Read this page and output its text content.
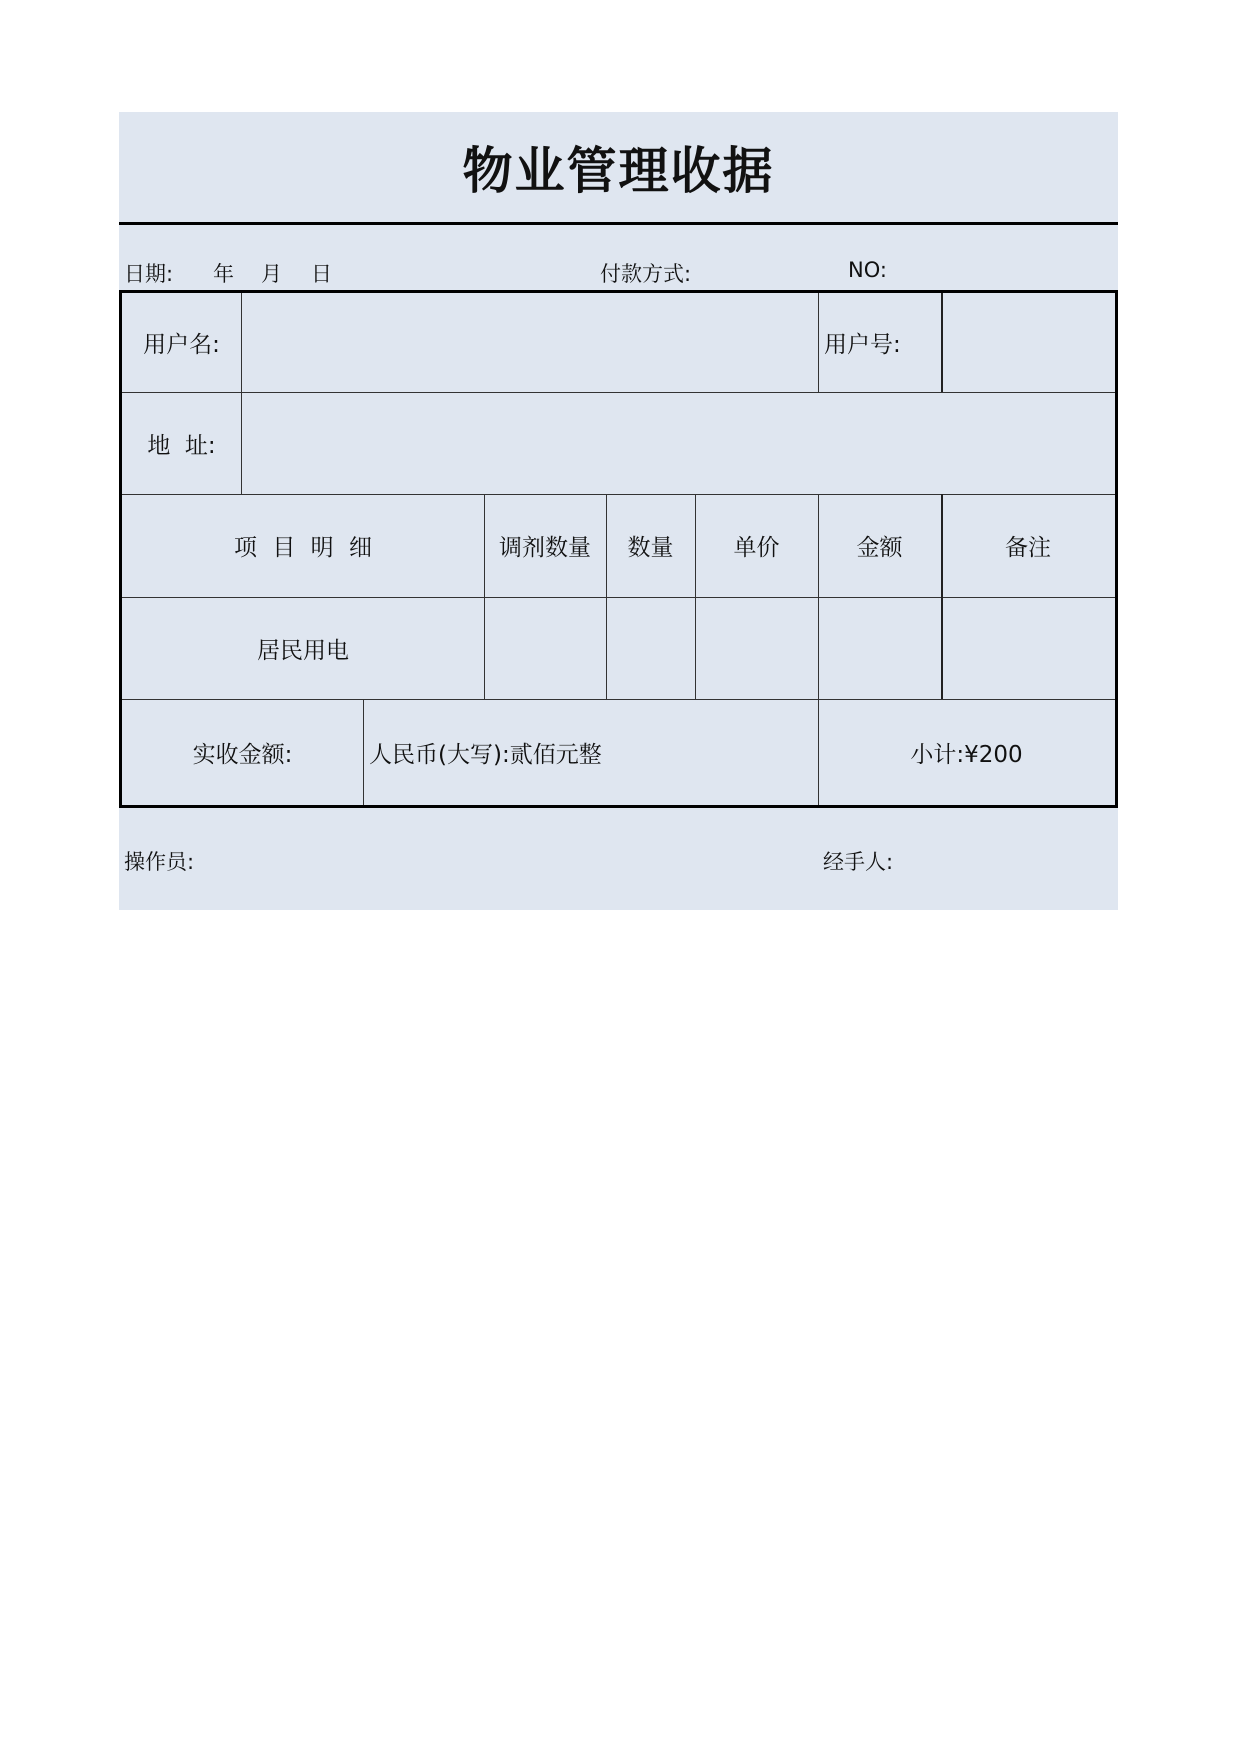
物业管理收据
日期: 年 月 日	付款方式:	NO:
用户名:	用户号:
地  址:
项 目 明 细	调剂数量	数量	单价	金额	备注
居民用电
实收金额:	人民币(大写):贰佰元整	小计:¥200
操作员:	经手人:
